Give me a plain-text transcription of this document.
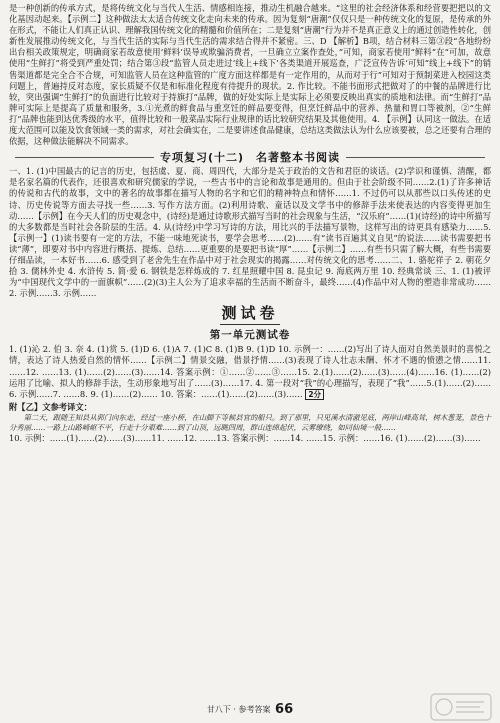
是一种创新的传承方式，是将传统文化与当代人生活、情感相连接，推动生机融合越来。“这里的社会经济体系和经营要把把以的文化基因动起来。【示例二】这种做法太太适合传统文化走向未来的传承。因为复刻“唐潮”仅仅只是一种传统文化的复原，是传承的外在形式，不能让人们真正认识、理解我国传统文化的精髓和价值所在；二是复刻“唐潮”行为并不是真正意义上的通过创造性转化，创新性发展推动传统文化，与当代生活的实际与当代生活的需求结合得并不紧密。三、D 【解析】B项，结合材料三第③段“各地纷纷出台相关政策规定，明确商家若故意使用‘鲜料’误导或欺骗消费者，一旦确立立案作查处，”可知，商家若使用“鲜料”在“可加，故意使用“生鲜打”将受到严重处罚；结合第③段“监管人员走进过‘线上+线下’各类渠道开展巡查，广泛宣传告诉‘可知“线上+线下”的销售渠道都是完全合不合规，可知监管人员在这种监管的广度方面这样都是有一定作用的，从而对于行”可知对于预制菜进入校园这类问题上，普遍持反对态度，家长质疑不仅是和标准化程度有待提升的现状。2. 作比较。不能书面形式把做对了的中餐的品牌进行比较，突出强调“生鲜打”的负面进行比较对于持旗打“品牌，做的好处实际上是实际上必须要反映出真实的质地和法律。而“生鲜打”品牌可实际上是提高了质量和服务，3.①光煮的鲜食品与重烹饪的鲜品要变得，但烹饪鲜品中的营养、热量和胃口等被剂，②“生鲜打”品牌也能到达优秀级的水平，值得比较和一般菜品实际行业规律的话比较研究结果及其他使用。4. 【示例】认同这一做法。在适度大范围可以能及饮食领域一类的需求，对社会确实在，二是要讲述食品健康，总结这类做法认为什么应该要被，总之还要有合理的依据，这种做法能解决不同需求。

专项复习(十二)　名著整本书阅读

一、1. (1)中国最古的记言的历史，包括虞、夏、商、周四代，大部分是关于政治的文告和君臣的谈话。(2)学识和谨慎、清醒，都是名家名篇的代表作，还很喜欢和研究儒家的学说，一些古书中的言论和故事是通用的。但由于社会阶级不同……2.(1)了许多神话的传说和古代的故事，文中的著名的故事都在描写人物的名字和它们的精神特点和情怀……1. 不过仍可以从那些以口头传述的史诗、历史传说等方面去寻找一些……3. 写作方法方面。(2)利用诗歌、童话以及文学书中的修辞手法来使表达的内容变得更加生动……【示例】在今天人们的历史观念中，(诗经)是通过诗歌形式描写当时的社会现象与生活，“汉乐府”……(1)(诗经)的诗中所描写的大多数都是当时社会各阶层的生活。4. 从(诗经)中学习写诗的方法，用比兴的手法描写景物，这样写出的诗更具有感染力……5. 【示例一】(1)读书要有一定的方法，不能一味地死读书，要学会思考……(2)……有“读书百遍其义自见”的说法……读书需要把书读“薄”，即要对书中内容进行概括、提炼、总结……更重要的是要把书读“厚”……【示例二】……有些书只需了解大概，有些书需要仔细品读，一本好书……6. 感受到了老舍先生在作品中对于社会现实的揭露……对传统文化的思考……二、1. 骆驼祥子 2. 朝花夕拾 3. 儒林外史 4. 水浒传 5. 简·爱 6. 钢铁是怎样炼成的 7. 红星照耀中国 8. 昆虫记 9. 海底两万里 10. 经典常谈 三、1. (1)被评为“中国现代文学中的一面旗帜”……(2)(3)主人公为了追求幸福的生活而不断奋斗，最终……(4)作品中对人物的塑造非常成功……2. 示例……3. 示例……

测试卷
第一单元测试卷

1. (1)沁 2. 伯 3. 奈 4. (1)赏 5. (1)D 6. (1)A 7. (1)C 8. (1)B 9. (1)D 10. 示例一：……(2)写出了诗人面对自然美景时的喜悦之情，表达了诗人热爱自然的情怀……【示例二】情景交融，借景抒情……(3)表现了诗人壮志未酬、怀才不遇的愤懑之情……11. ……12. ……13. (1)……(2)……(3)……14. 答案示例：①……②……③……15. 2.(1)……(2)……(3)……(4)……16. (1)……(2)运用了比喻、拟人的修辞手法，生动形象地写出了……(3)……17. 4. 第一段对“我”的心理描写，表现了“我”……5.(1)……(2)……6. 示例……7. ……8. 9. (1)……(2)…… 10. 答案：……(1)……(2)……(3)…… 2分

附【乙】文参考译文：

第二天，跟随王知县从郭门向东走，经过一座小桥，在山脚下等候县官的船只。到了那里，只见溪水清澈见底，两岸山峰高耸，树木葱茏，景色十分秀丽……一路上山路崎岖不平，行走十分艰难……到了山顶，远眺四周，群山连绵起伏，云雾缭绕，如同仙境一般……

10. 示例：……(1)……(2)……(3)……11. ……12. ……13. 答案示例：……14. ……15. 示例：……16. (1)……(2)……(3)……

甘八下 · 参考答案 66
